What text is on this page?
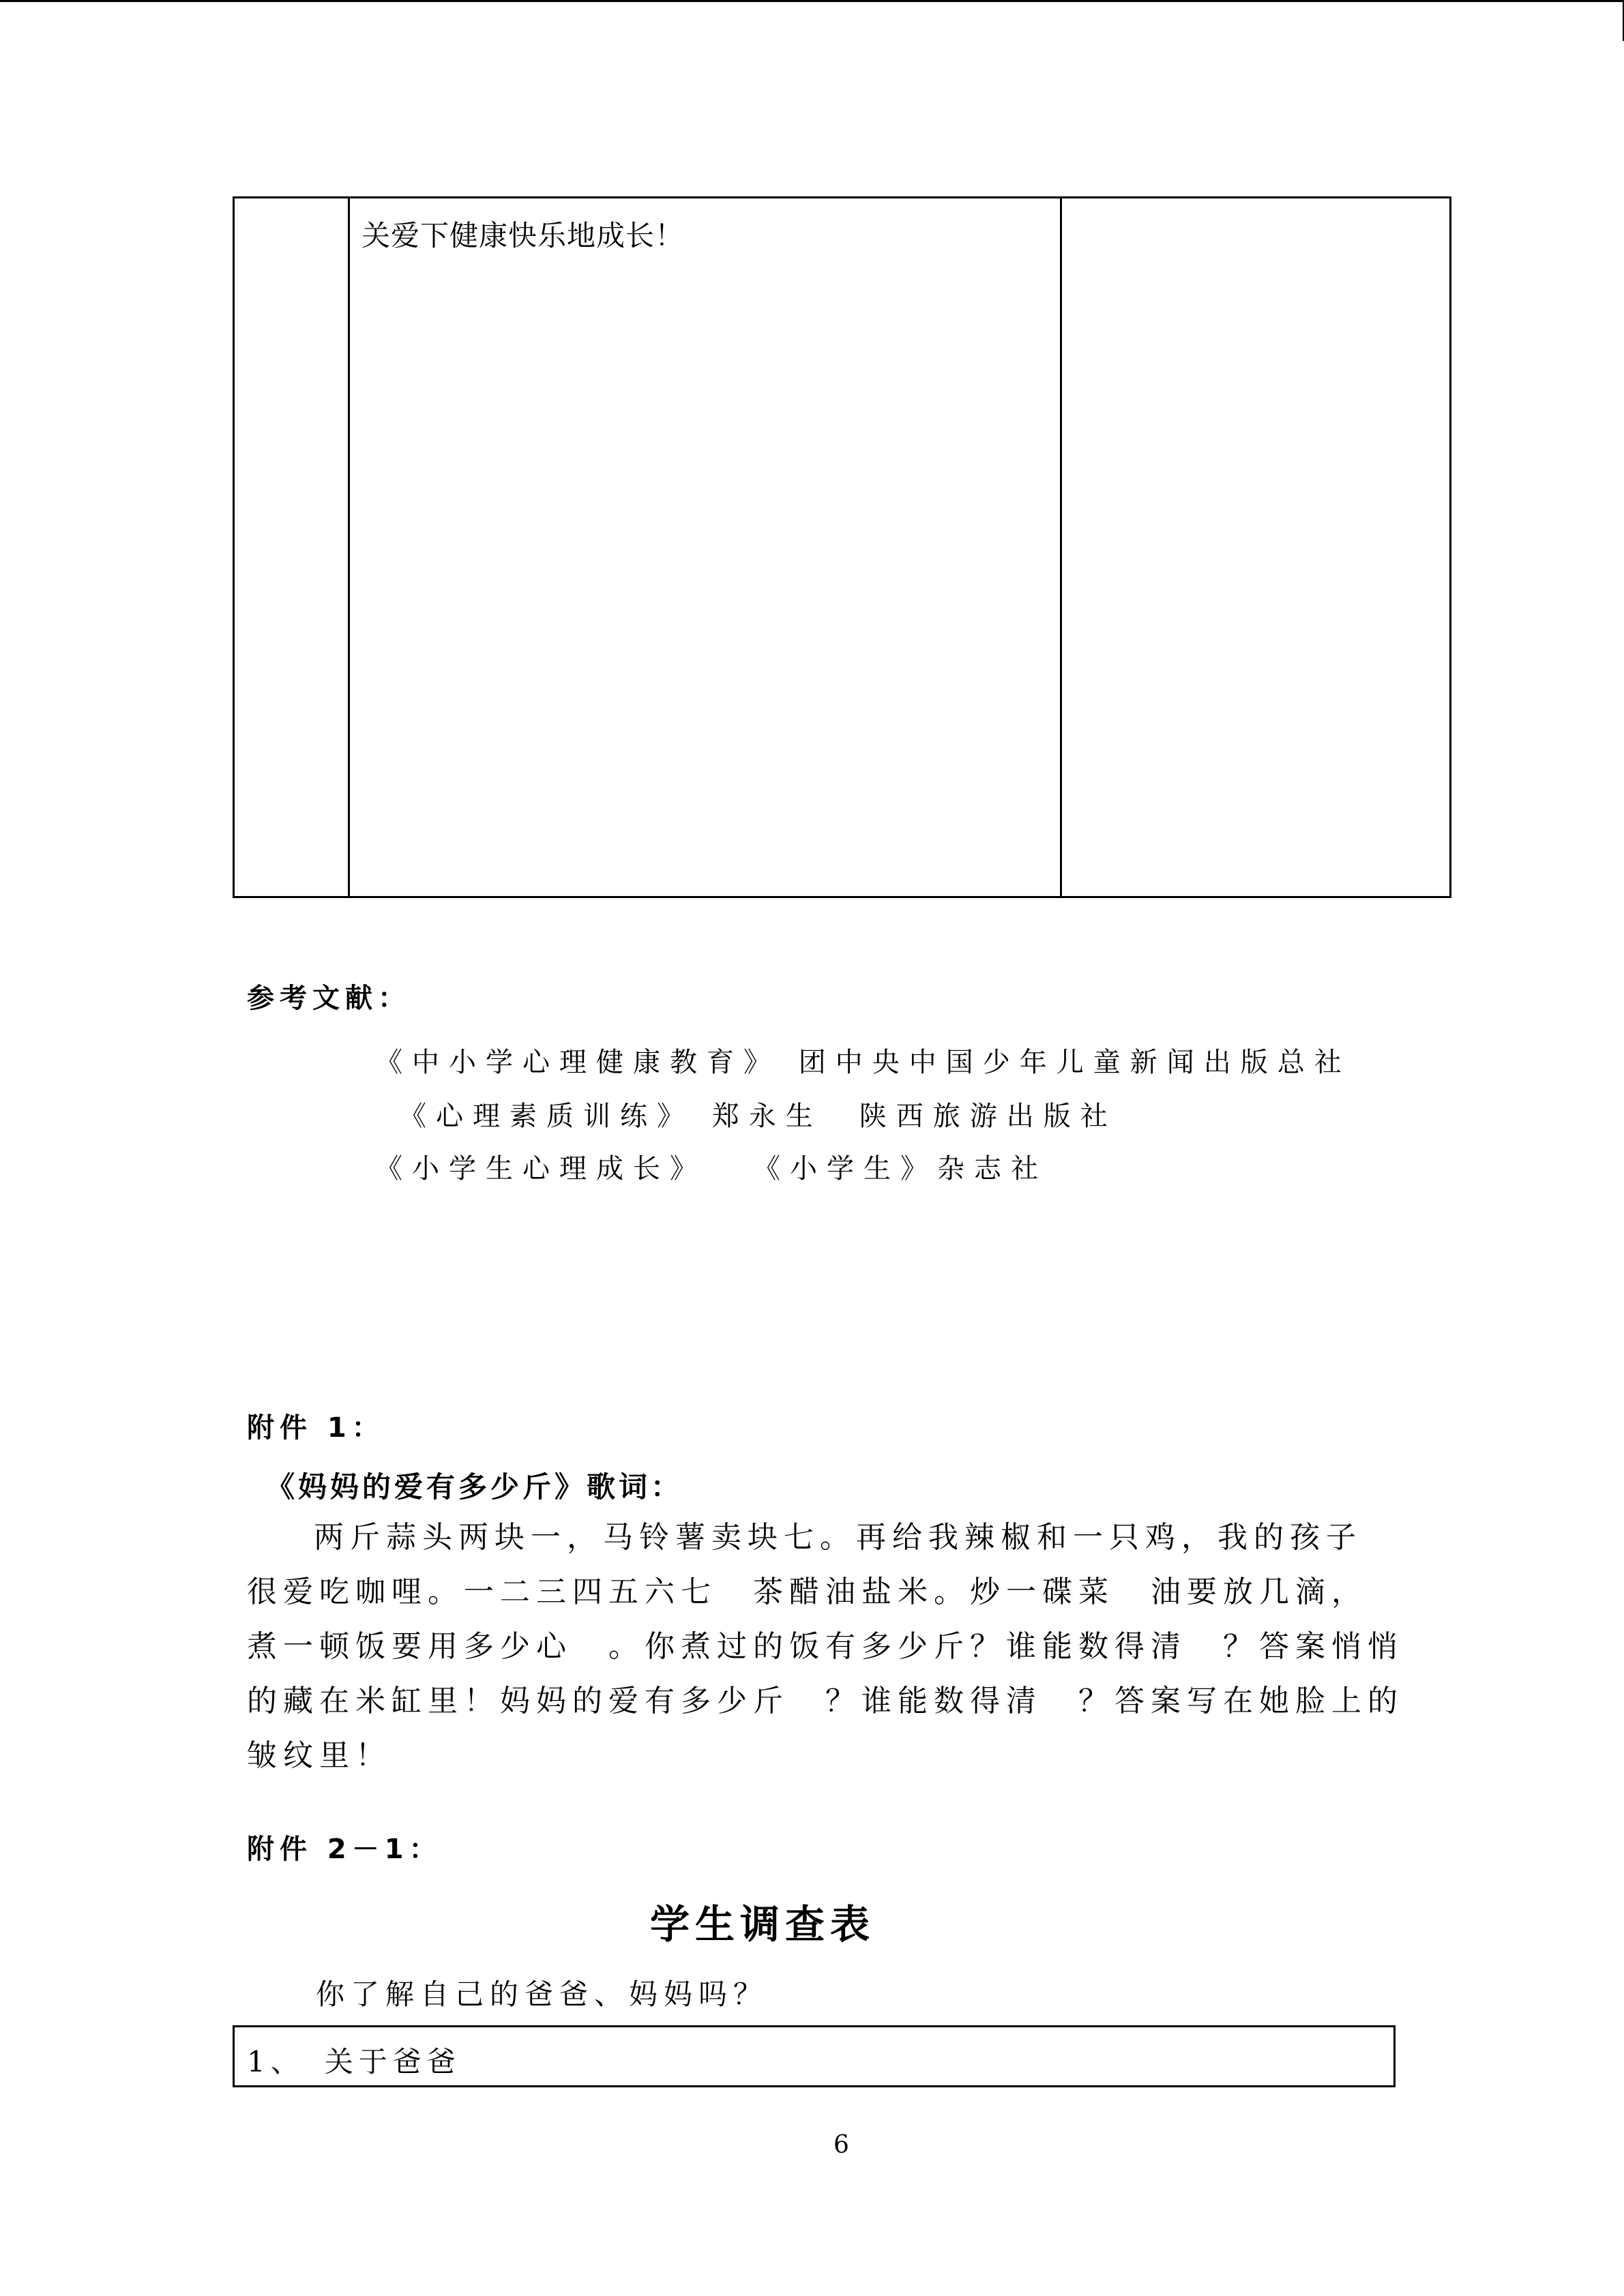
关爱下健康快乐地成长！
参考文献：
《中小学心理健康教育》 团中央中国少年儿童新闻出版总社
《心理素质训练》 郑永生　陕西旅游出版社
《小学生心理成长》　　《小学生》杂志社
附件 1：
《妈妈的爱有多少斤》歌词：
两斤蒜头两块一，马铃薯卖块七。再给我辣椒和一只鸡，我的孩子
很爱吃咖哩。一二三四五六七　茶醋油盐米。炒一碟菜　油要放几滴，
煮一顿饭要用多少心　。你煮过的饭有多少斤？谁能数得清　？答案悄悄
的藏在米缸里！妈妈的爱有多少斤　？谁能数得清　？答案写在她脸上的
皱纹里！
附件 2－1：
学生调查表
你了解自己的爸爸、妈妈吗？
1、　关于爸爸
6
